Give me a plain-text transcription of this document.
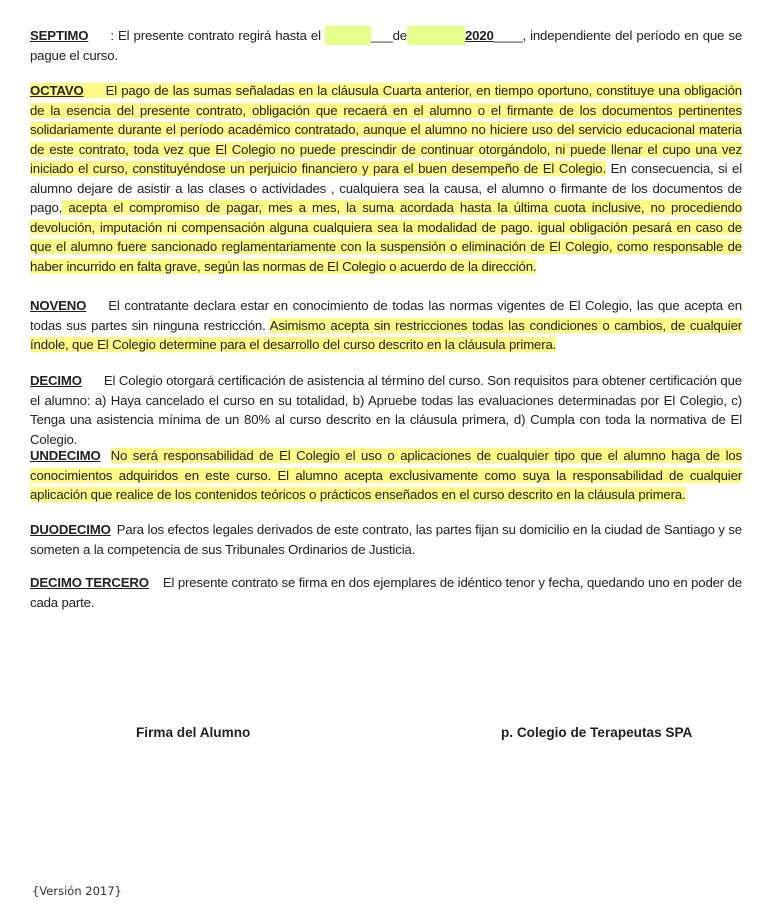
SEPTIMO : El presente contrato regirá hasta el	___de	2020____, independiente del período en que se pague el curso.
OCTAVO El pago de las sumas señaladas en la cláusula Cuarta anterior, en tiempo oportuno, constituye una obligación de la esencia del presente contrato, obligación que recaerá en el alumno o el firmante de los documentos pertinentes solidariamente durante el período académico contratado, aunque el alumno no hiciere uso del servicio educacional materia de este contrato, toda vez que El Colegio no puede prescindir de continuar otorgándolo, ni puede llenar el cupo una vez iniciado el curso, constituyéndose un perjuicio financiero y para el buen desempeño de El Colegio. En consecuencia, si el alumno dejare de asistir a las clases o actividades , cualquiera sea la causa, el alumno o firmante de los documentos de pago, acepta el compromiso de pagar, mes a mes, la suma acordada hasta la última cuota inclusive, no procediendo devolución, imputación ni compensación alguna cualquiera sea la modalidad de pago. igual obligación pesará en caso de que el alumno fuere sancionado reglamentariamente con la suspensión o eliminación de El Colegio, como responsable de haber incurrido en falta grave, según las normas de El Colegio o acuerdo de la dirección.
NOVENO El contratante declara estar en conocimiento de todas las normas vigentes de El Colegio, las que acepta en todas sus partes sin ninguna restricción. Asimismo acepta sin restricciones todas las condiciones o cambios, de cualquier índole, que El Colegio determine para el desarrollo del curso descrito en la cláusula primera.
DECIMO El Colegio otorgará certificación de asistencia al término del curso. Son requisitos para obtener certificación que el alumno: a) Haya cancelado el curso en su totalidad, b) Apruebe todas las evaluaciones determinadas por El Colegio, c) Tenga una asistencia mínima de un 80% al curso descrito en la cláusula primera, d) Cumpla con toda la normativa de El Colegio.
UNDECIMO No será responsabilidad de El Colegio el uso o aplicaciones de cualquier tipo que el alumno haga de los conocimientos adquiridos en este curso. El alumno acepta exclusivamente como suya la responsabilidad de cualquier aplicación que realice de los contenidos teóricos o prácticos enseñados en el curso descrito en la cláusula primera.
DUODECIMO Para los efectos legales derivados de este contrato, las partes fijan su domicilio en la ciudad de Santiago y se someten a la competencia de sus Tribunales Ordinarios de Justicia.
DECIMO TERCERO El presente contrato se firma en dos ejemplares de idéntico tenor y fecha, quedando uno en poder de cada parte.
Firma del Alumno	p. Colegio de Terapeutas SPA
{Versión 2017}
